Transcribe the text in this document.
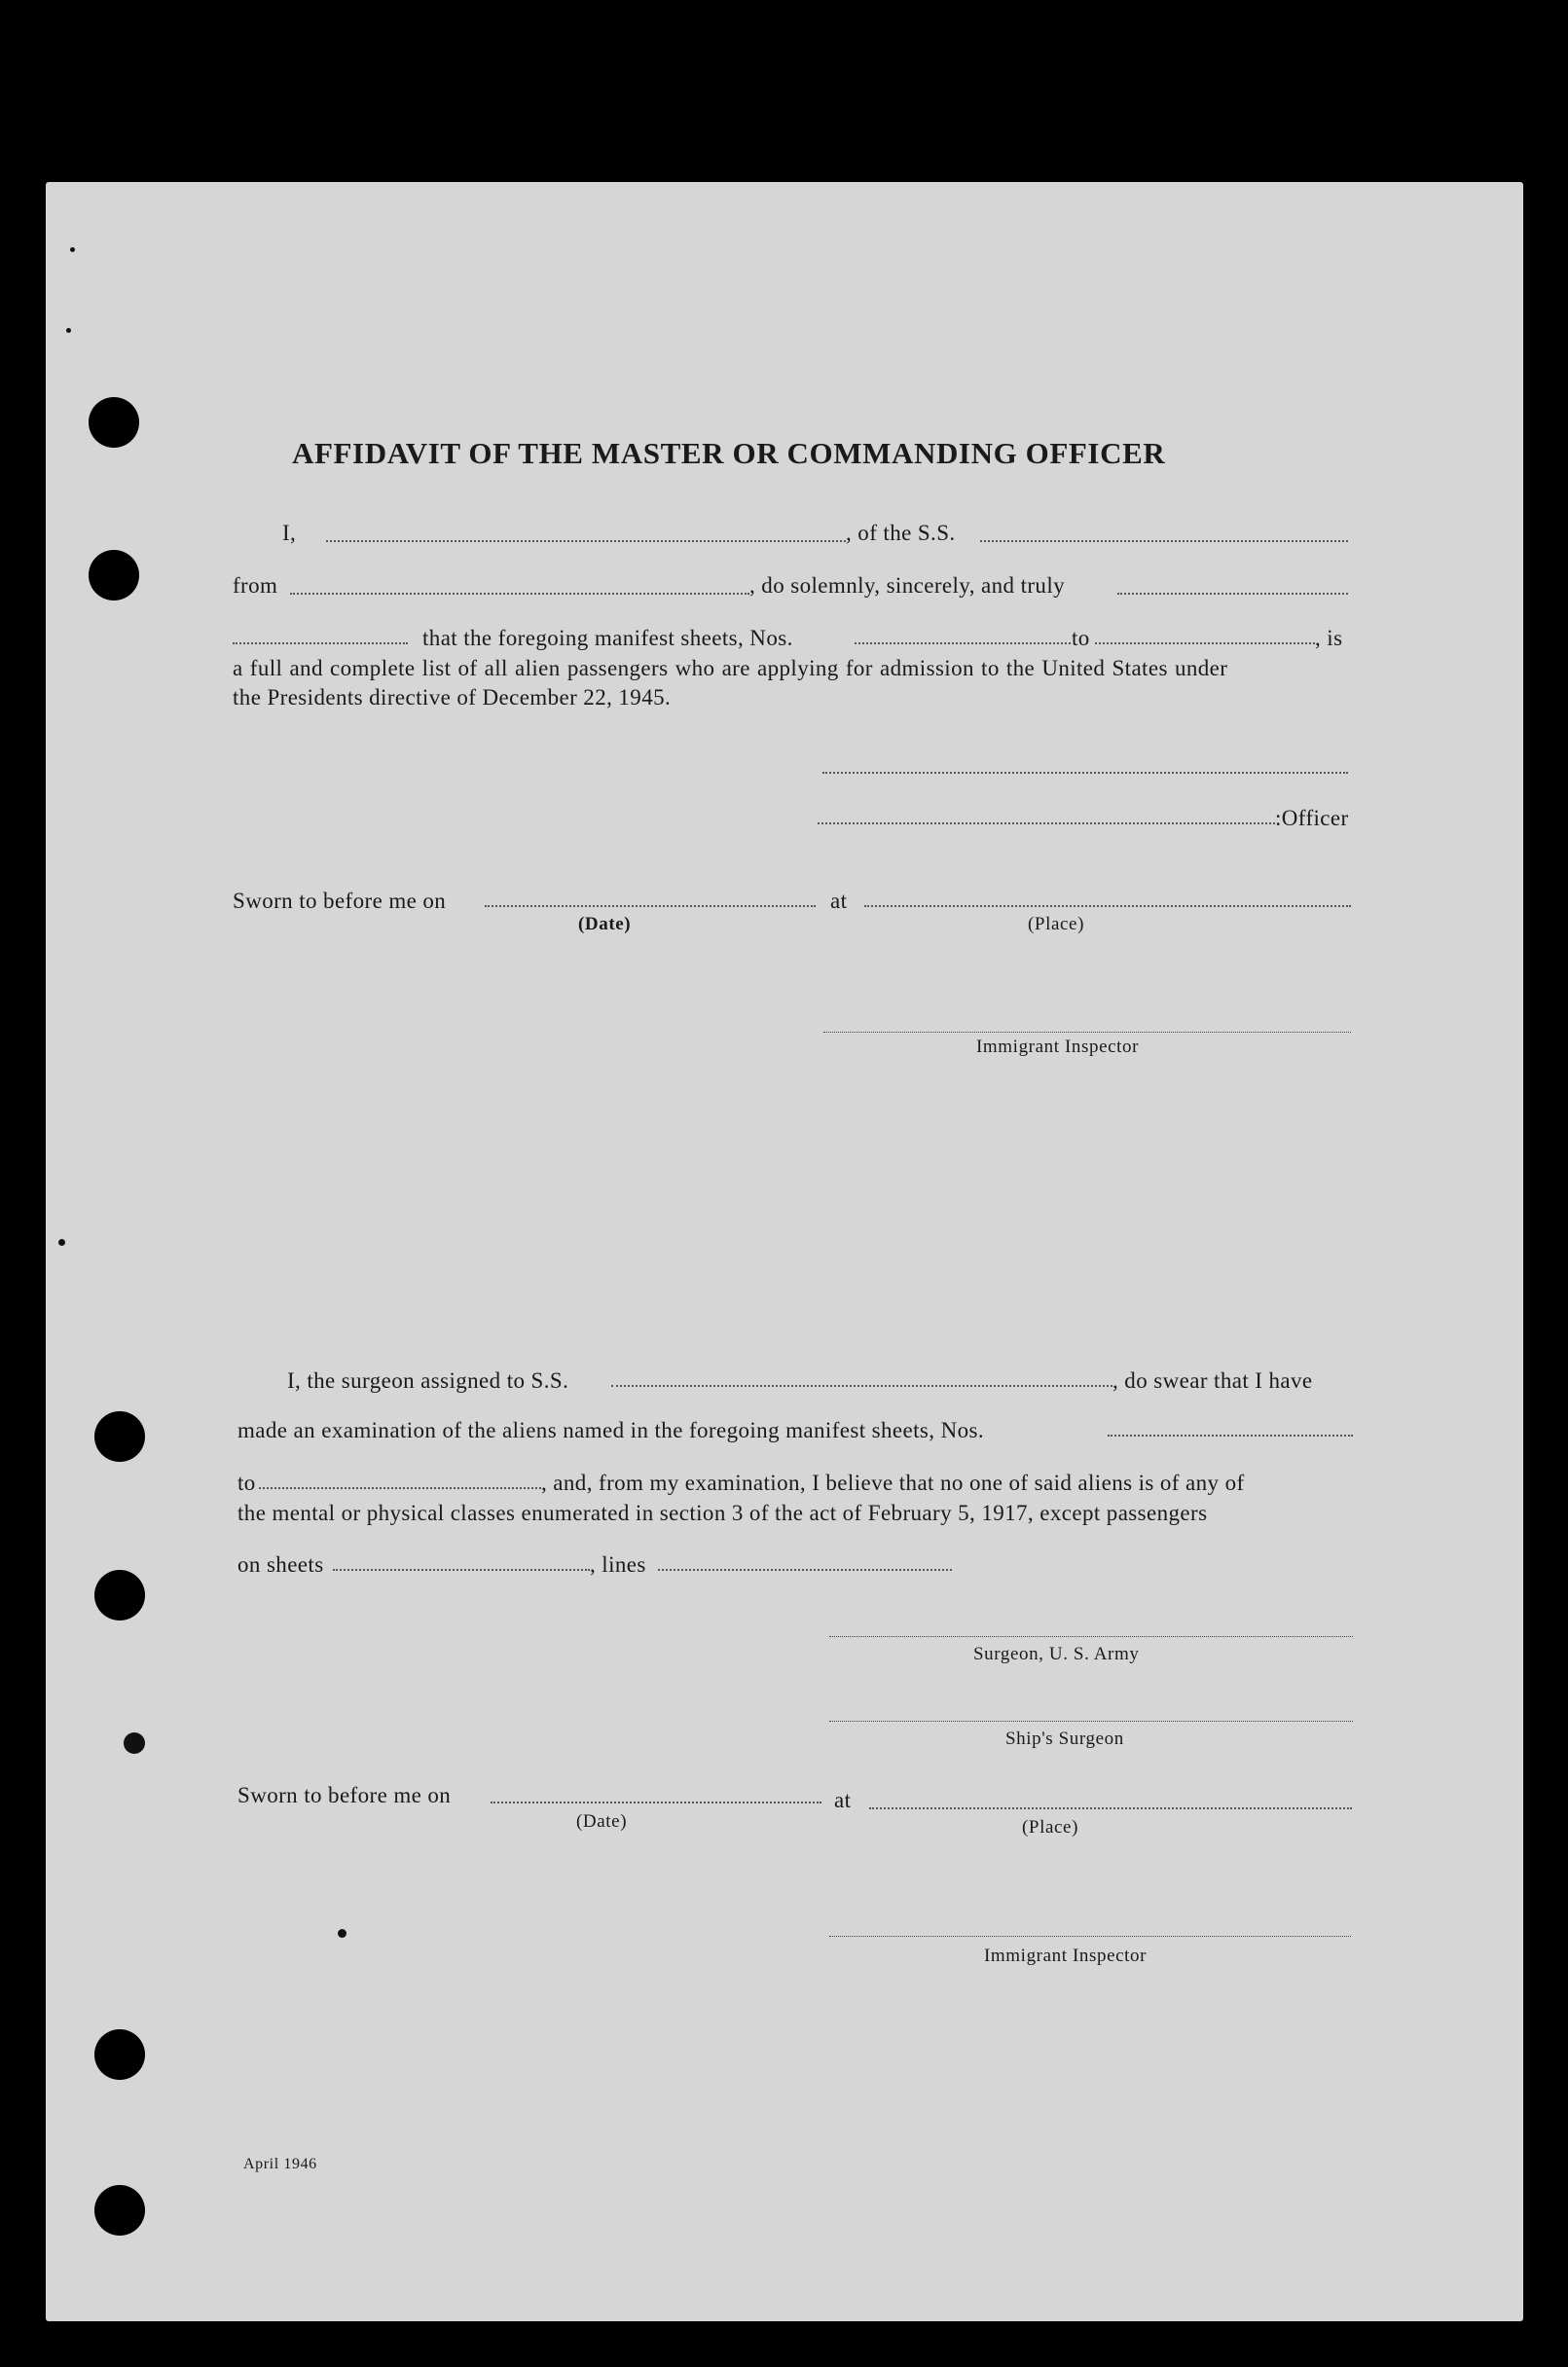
AFFIDAVIT OF THE MASTER OR COMMANDING OFFICER
I,	, of the S.S.
from	, do solemnly, sincerely, and truly
that the foregoing manifest sheets, Nos.	to	, is
a full and complete list of all alien passengers who are applying for admission to the United States under
the Presidents directive of December 22, 1945.
:Officer
Sworn to before me on	at
(Date)	(Place)
Immigrant Inspector
I, the surgeon assigned to S.S.	, do swear that I have
made an examination of the aliens named in the foregoing manifest sheets, Nos.
to	, and, from my examination, I believe that no one of said aliens is of any of
the mental or physical classes enumerated in section 3 of the act of February 5, 1917, except passengers
on sheets	, lines
Surgeon, U. S. Army
Ship's Surgeon
Sworn to before me on	at
(Date)	(Place)
Immigrant Inspector
April 1946
